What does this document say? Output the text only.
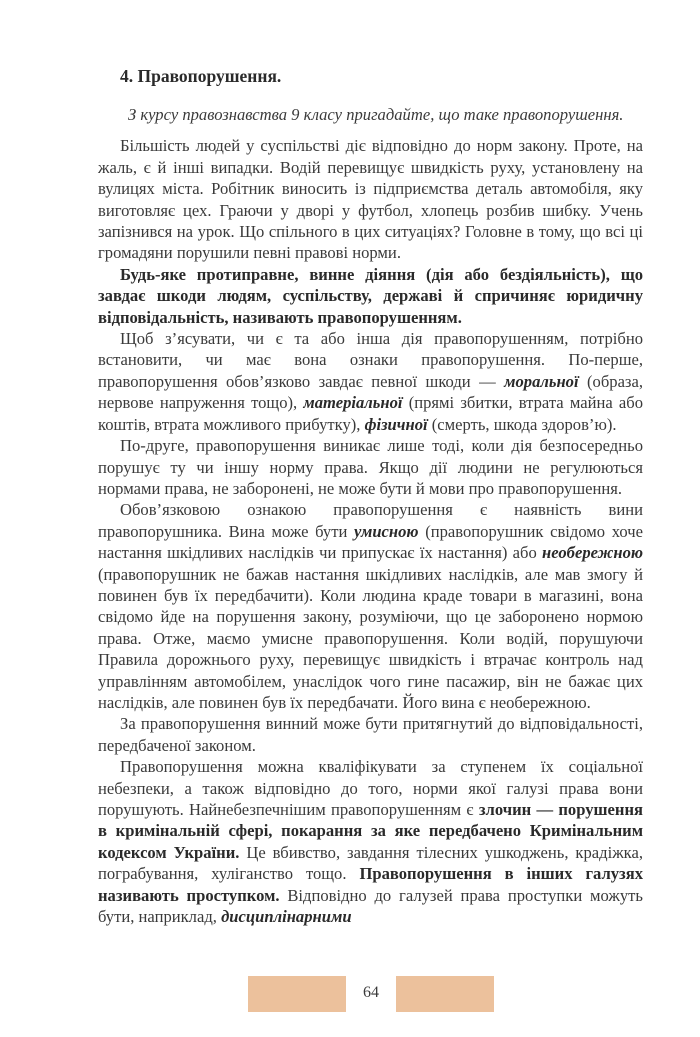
4. Правопорушення.

З курсу правознавства 9 класу пригадайте, що таке правопорушення.

Більшість людей у суспільстві діє відповідно до норм закону. Проте, на жаль, є й інші випадки. Водій перевищує швидкість руху, установлену на вулицях міста. Робітник виносить із підприємства деталь автомобіля, яку виготовляє цех. Граючи у дворі у футбол, хлопець розбив шибку. Учень запізнився на урок. Що спільного в цих ситуаціях? Головне в тому, що всі ці громадяни порушили певні правові норми.

Будь-яке протиправне, винне діяння (дія або бездіяльність), що завдає шкоди людям, суспільству, державі й спричиняє юридичну відповідальність, називають правопорушенням.

Щоб з’ясувати, чи є та або інша дія правопорушенням, потрібно встановити, чи має вона ознаки правопорушення. По-перше, правопорушення обов’язково завдає певної шкоди — моральної (образа, нервове напруження тощо), матеріальної (прямі збитки, втрата майна або коштів, втрата можливого прибутку), фізичної (смерть, шкода здоров’ю).

По-друге, правопорушення виникає лише тоді, коли дія безпосередньо порушує ту чи іншу норму права. Якщо дії людини не регулюються нормами права, не заборонені, не може бути й мови про правопорушення.

Обов’язковою ознакою правопорушення є наявність вини правопорушника. Вина може бути умисною (правопорушник свідомо хоче настання шкідливих наслідків чи припускає їх настання) або необережною (правопорушник не бажав настання шкідливих наслідків, але мав змогу й повинен був їх передбачити). Коли людина краде товари в магазині, вона свідомо йде на порушення закону, розуміючи, що це заборонено нормою права. Отже, маємо умисне правопорушення. Коли водій, порушуючи Правила дорожнього руху, перевищує швидкість і втрачає контроль над управлінням автомобілем, унаслідок чого гине пасажир, він не бажає цих наслідків, але повинен був їх передбачати. Його вина є необережною.

За правопорушення винний може бути притягнутий до відповідальності, передбаченої законом.

Правопорушення можна кваліфікувати за ступенем їх соціальної небезпеки, а також відповідно до того, норми якої галузі права вони порушують. Найнебезпечнішим правопорушенням є злочин — порушення в кримінальній сфері, покарання за яке передбачено Кримінальним кодексом України. Це вбивство, завдання тілесних ушкоджень, крадіжка, пограбування, хуліганство тощо. Правопорушення в інших галузях називають проступком. Відповідно до галузей права проступки можуть бути, наприклад, дисциплінарними

64
